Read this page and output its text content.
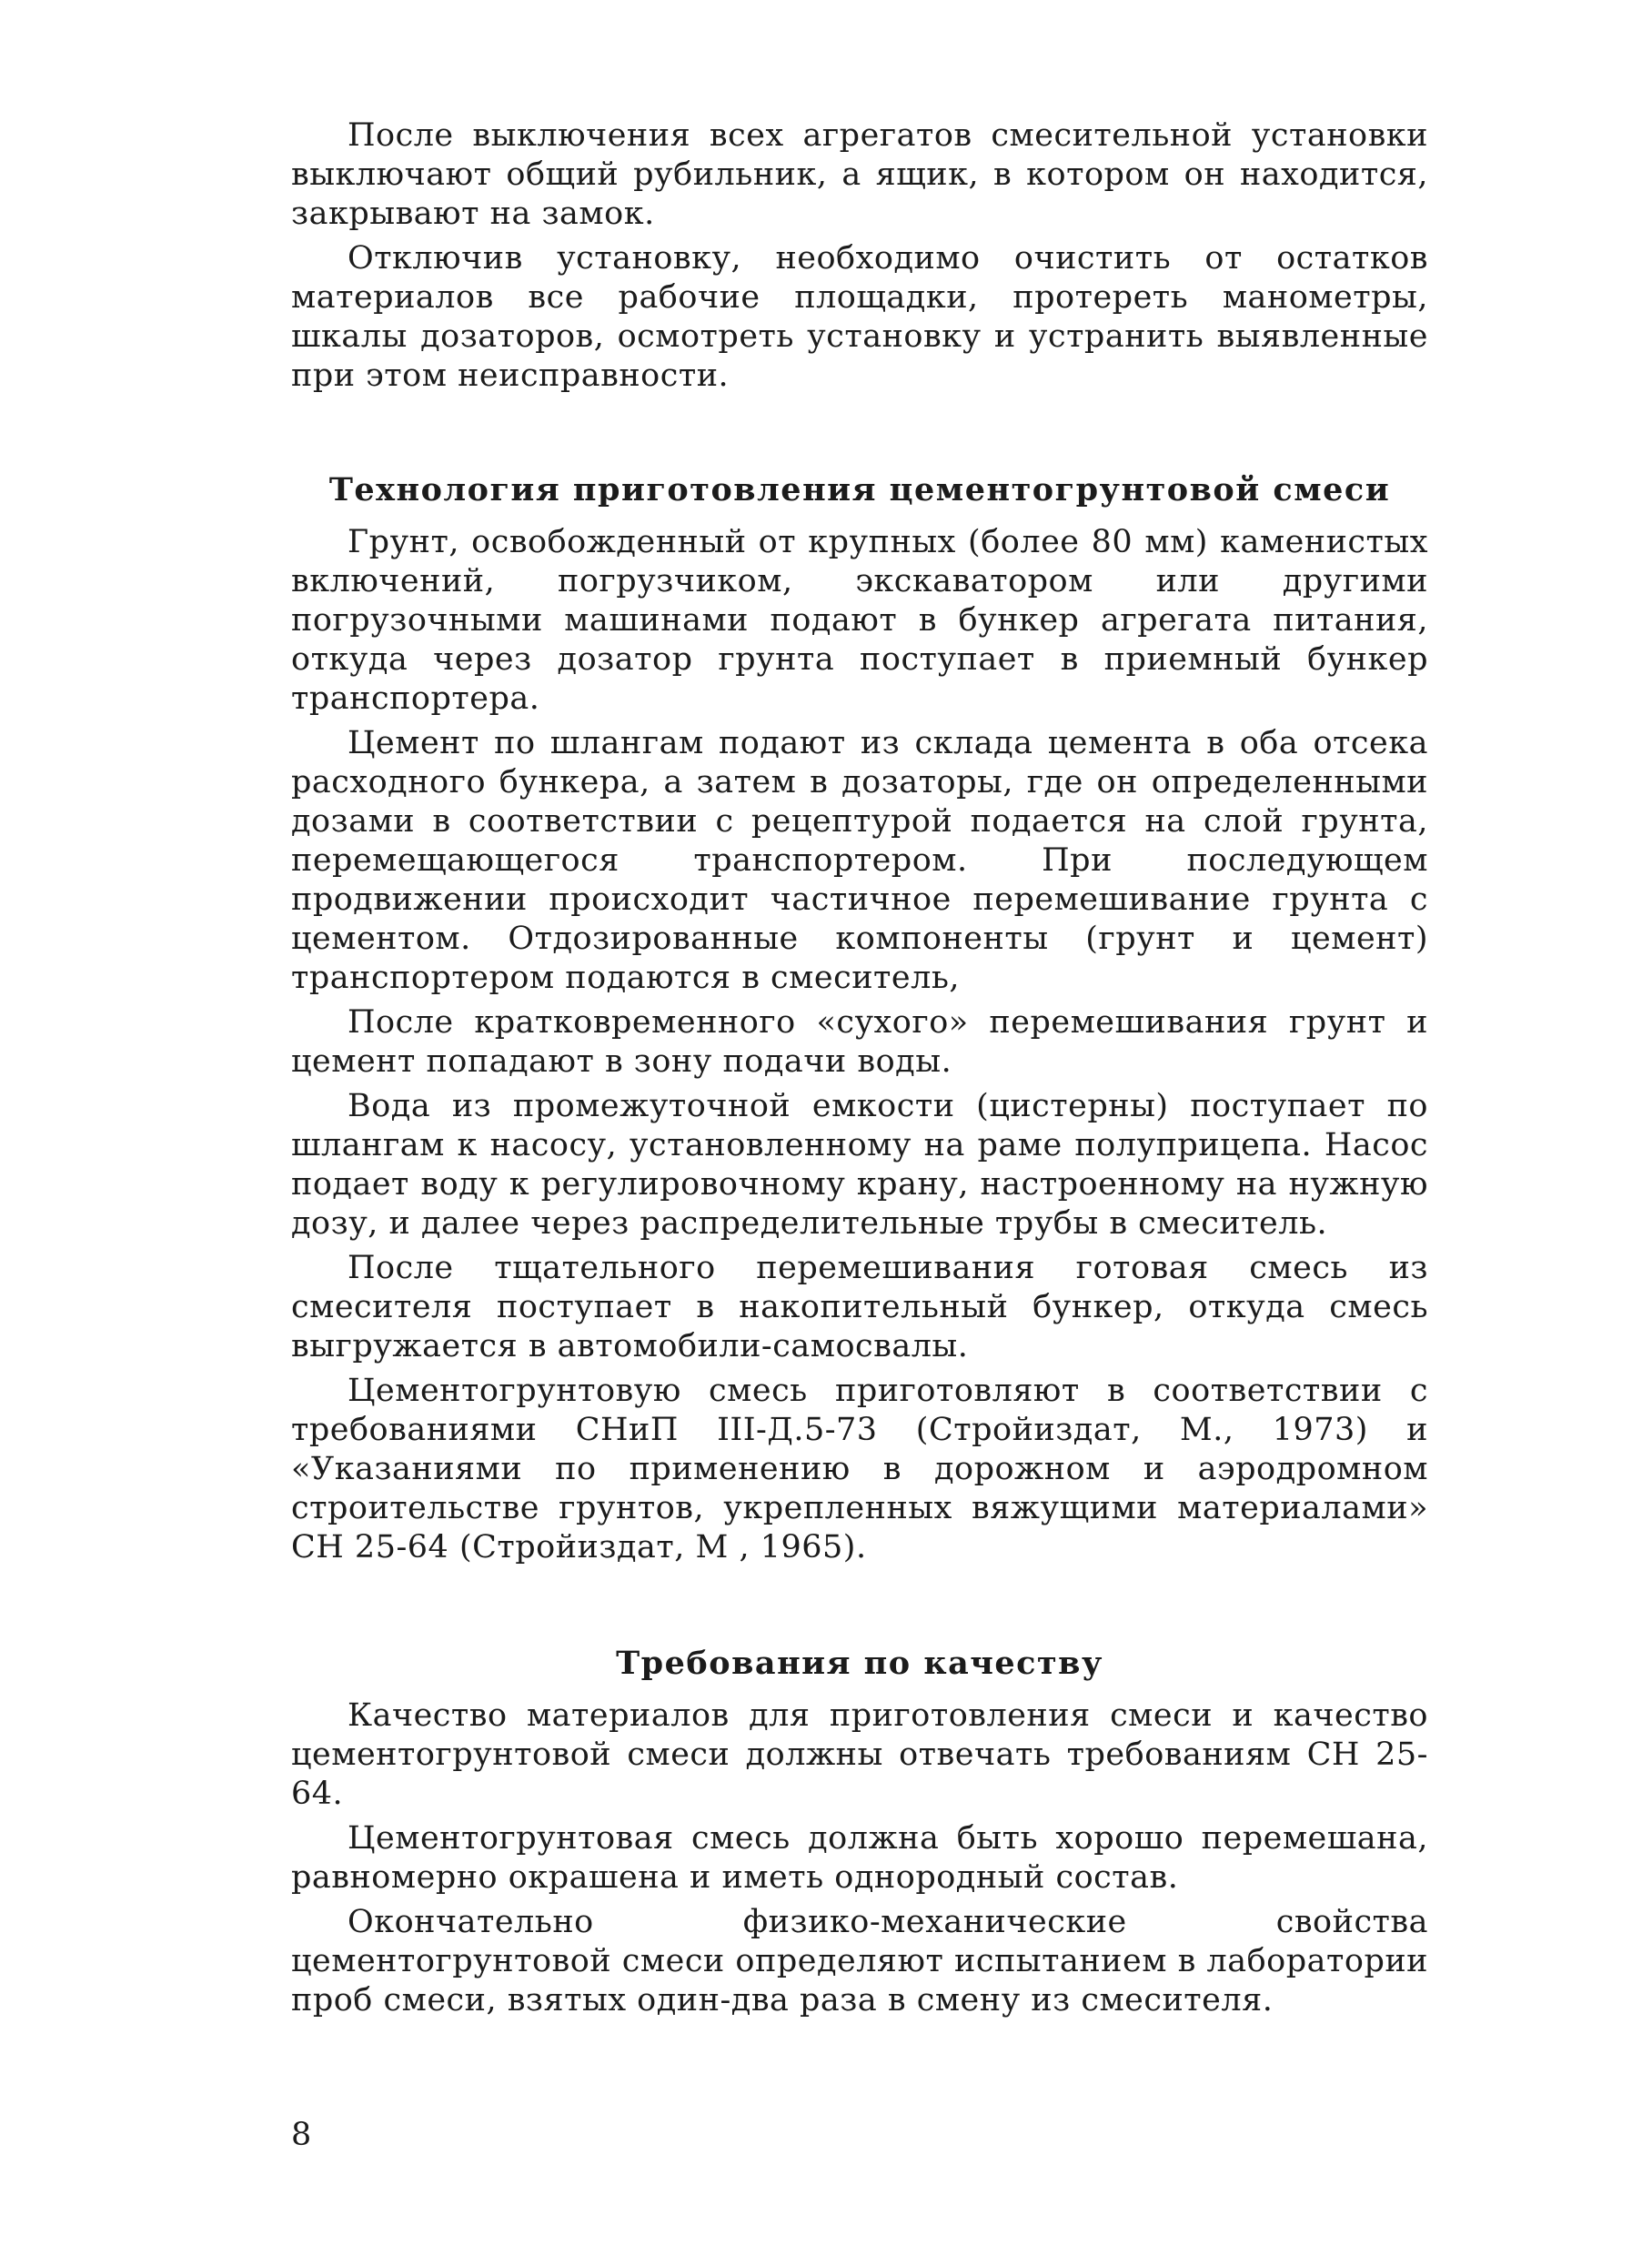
После выключения всех агрегатов смесительной установки выключают общий рубильник, а ящик, в котором он находится, закрывают на замок.

Отключив установку, необходимо очистить от остатков материалов все рабочие площадки, протереть манометры, шкалы дозаторов, осмотреть установку и устранить выявленные при этом неисправности.

Технология приготовления цементогрунтовой смеси

Грунт, освобожденный от крупных (более 80 мм) каменистых включений, погрузчиком, экскаватором или другими погрузочными машинами подают в бункер агрегата питания, откуда через дозатор грунта поступает в приемный бункер транспортера.

Цемент по шлангам подают из склада цемента в оба отсека расходного бункера, а затем в дозаторы, где он определенными дозами в соответствии с рецептурой подается на слой грунта, перемещающегося транспортером. При последующем продвижении происходит частичное перемешивание грунта с цементом. Отдозированные компоненты (грунт и цемент) транспортером подаются в смеситель,

После кратковременного «сухого» перемешивания грунт и цемент попадают в зону подачи воды.

Вода из промежуточной емкости (цистерны) поступает по шлангам к насосу, установленному на раме полуприцепа. Насос подает воду к регулировочному крану, настроенному на нужную дозу, и далее через распределительные трубы в смеситель.

После тщательного перемешивания готовая смесь из смесителя поступает в накопительный бункер, откуда смесь выгружается в автомобили-самосвалы.

Цементогрунтовую смесь приготовляют в соответствии с требованиями СНиП III-Д.5-73 (Стройиздат, М., 1973) и «Указаниями по применению в дорожном и аэродромном строительстве грунтов, укрепленных вяжущими материалами» СН 25-64 (Стройиздат, М , 1965).

Требования по качеству

Качество материалов для приготовления смеси и качество цементогрунтовой смеси должны отвечать требованиям СН 25-64.

Цементогрунтовая смесь должна быть хорошо перемешана, равномерно окрашена и иметь однородный состав.

Окончательно физико-механические свойства цементогрунтовой смеси определяют испытанием в лаборатории проб смеси, взятых один-два раза в смену из смесителя.

8
